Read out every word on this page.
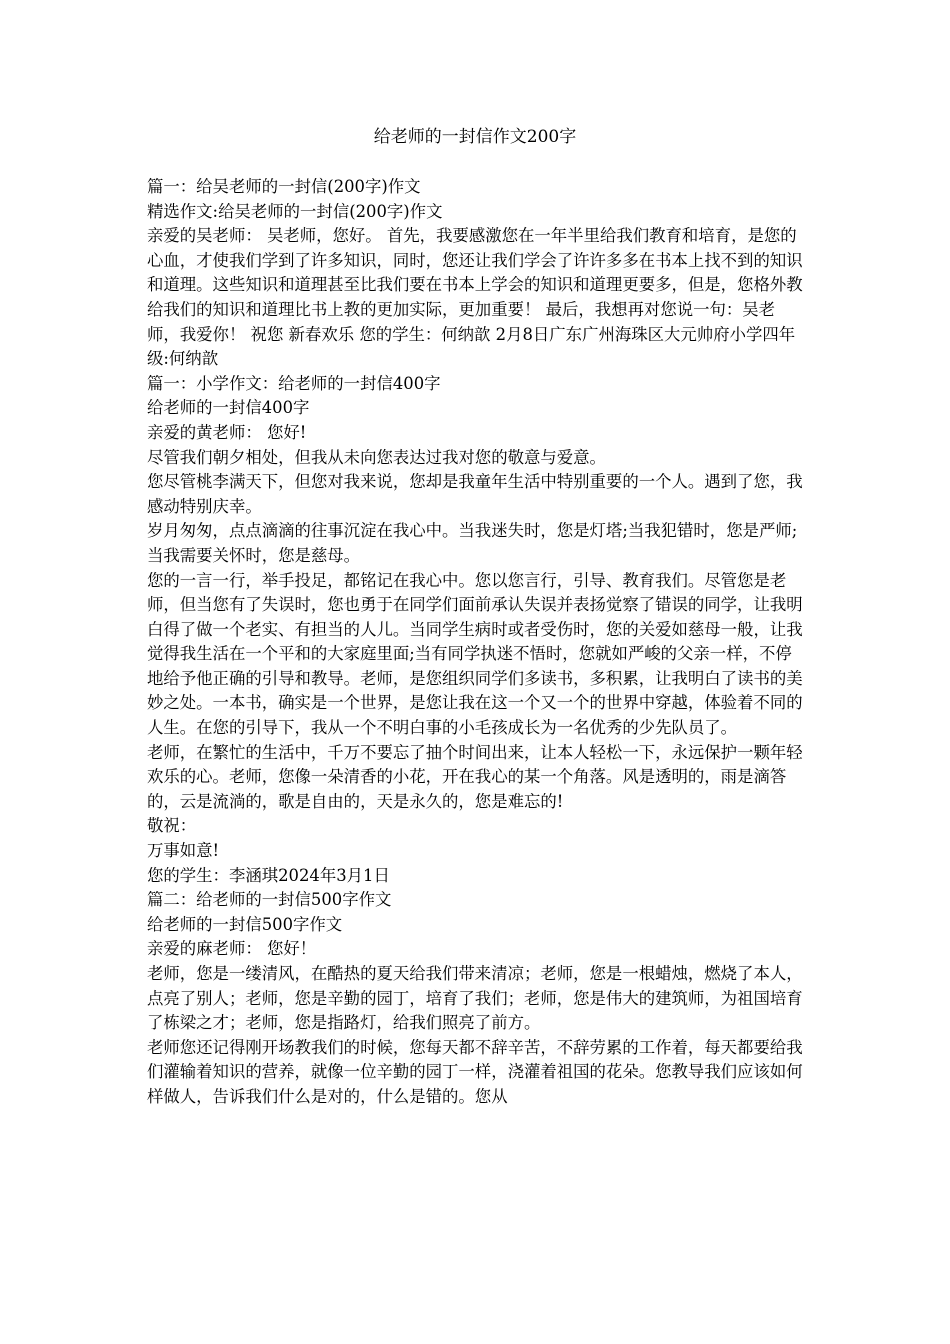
给老师的一封信作文200字

篇一：给吴老师的一封信(200字)作文

精选作文:给吴老师的一封信(200字)作文

亲爱的吴老师： 吴老师，您好。 首先，我要感激您在一年半里给我们教育和培育，是您的心血，才使我们学到了许多知识，同时，您还让我们学会了许许多多在书本上找不到的知识和道理。这些知识和道理甚至比我们要在书本上学会的知识和道理更要多，但是，您格外教给我们的知识和道理比书上教的更加实际，更加重要！ 最后，我想再对您说一句：吴老师，我爱你！ 祝您 新春欢乐 您的学生：何纳歆 2月8日广东广州海珠区大元帅府小学四年级:何纳歆

篇一：小学作文：给老师的一封信400字

给老师的一封信400字

亲爱的黄老师： 您好!

尽管我们朝夕相处，但我从未向您表达过我对您的敬意与爱意。

您尽管桃李满天下，但您对我来说，您却是我童年生活中特别重要的一个人。遇到了您，我感动特别庆幸。

岁月匆匆，点点滴滴的往事沉淀在我心中。当我迷失时，您是灯塔;当我犯错时，您是严师;当我需要关怀时，您是慈母。

您的一言一行，举手投足，都铭记在我心中。您以您言行，引导、教育我们。尽管您是老师，但当您有了失误时，您也勇于在同学们面前承认失误并表扬觉察了错误的同学，让我明白得了做一个老实、有担当的人儿。当同学生病时或者受伤时，您的关爱如慈母一般，让我觉得我生活在一个平和的大家庭里面;当有同学执迷不悟时，您就如严峻的父亲一样，不停地给予他正确的引导和教导。老师，是您组织同学们多读书，多积累，让我明白了读书的美妙之处。一本书，确实是一个世界，是您让我在这一个又一个的世界中穿越，体验着不同的人生。在您的引导下，我从一个不明白事的小毛孩成长为一名优秀的少先队员了。

老师，在繁忙的生活中，千万不要忘了抽个时间出来，让本人轻松一下，永远保护一颗年轻欢乐的心。老师，您像一朵清香的小花，开在我心的某一个角落。风是透明的，雨是滴答的，云是流淌的，歌是自由的，天是永久的，您是难忘的!

敬祝：

万事如意!

您的学生：李涵琪2024年3月1日

篇二：给老师的一封信500字作文

给老师的一封信500字作文

亲爱的麻老师： 您好！

老师，您是一缕清风，在酷热的夏天给我们带来清凉；老师，您是一根蜡烛，燃烧了本人，点亮了别人；老师，您是辛勤的园丁，培育了我们；老师，您是伟大的建筑师，为祖国培育了栋梁之才；老师，您是指路灯，给我们照亮了前方。

老师您还记得刚开场教我们的时候，您每天都不辞辛苦，不辞劳累的工作着，每天都要给我们灌输着知识的营养，就像一位辛勤的园丁一样，浇灌着祖国的花朵。您教导我们应该如何样做人，告诉我们什么是对的，什么是错的。您从
